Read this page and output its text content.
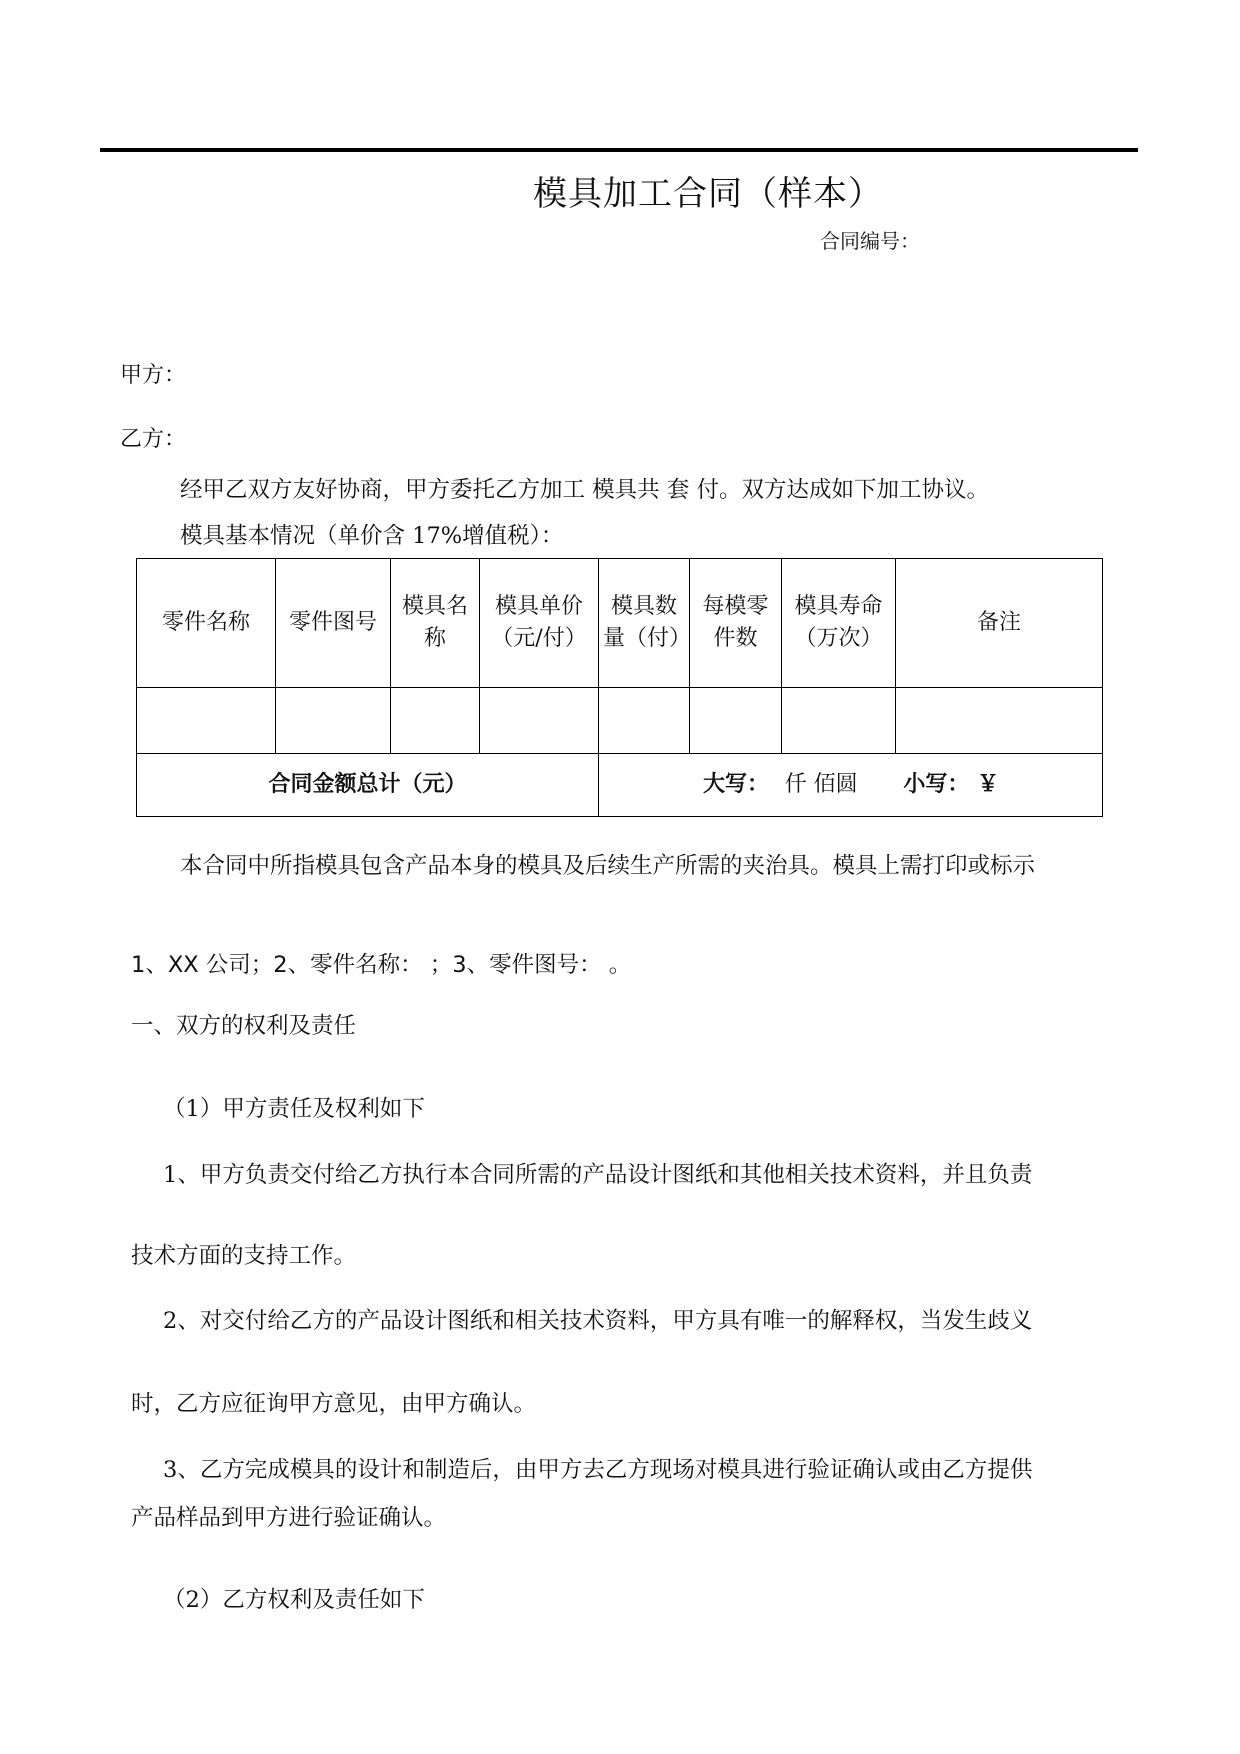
模具加工合同（样本）
合同编号：
甲方：
乙方：
经甲乙双方友好协商，甲方委托乙方加工 模具共 套 付。双方达成如下加工协议。
模具基本情况（单价含 17%增值税）：
零件名称	零件图号	模具名称	模具单价（元/付）	模具数量（付）	每模零件数	模具寿命（万次）	备注

合同金额总计（元）				大写： 仟 佰圆 小写： ￥			
本合同中所指模具包含产品本身的模具及后续生产所需的夹治具。模具上需打印或标示
1、XX 公司；2、零件名称： ；3、零件图号： 。
一、双方的权利及责任
（1）甲方责任及权利如下
1、甲方负责交付给乙方执行本合同所需的产品设计图纸和其他相关技术资料，并且负责
技术方面的支持工作。
2、对交付给乙方的产品设计图纸和相关技术资料，甲方具有唯一的解释权，当发生歧义
时，乙方应征询甲方意见，由甲方确认。
3、乙方完成模具的设计和制造后，由甲方去乙方现场对模具进行验证确认或由乙方提供
产品样品到甲方进行验证确认。
（2）乙方权利及责任如下
